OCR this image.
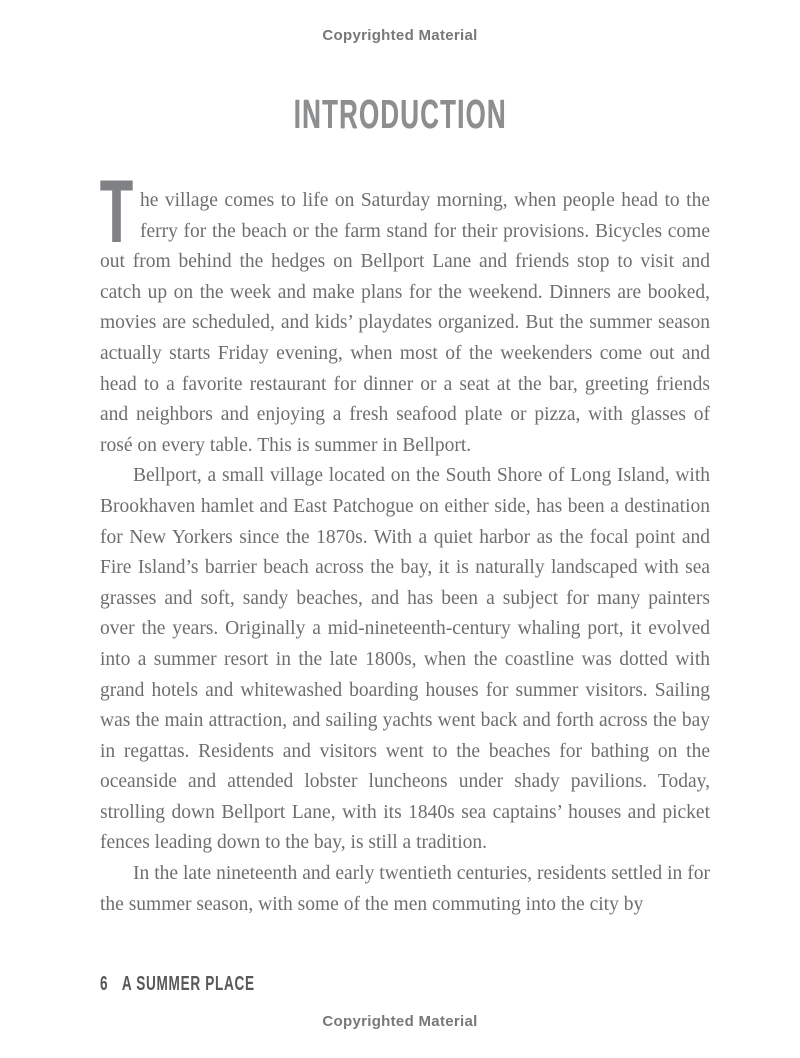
Copyrighted Material
INTRODUCTION

T he village comes to life on Saturday morning, when people head to the ferry for the beach or the farm stand for their provisions. Bicycles come out from behind the hedges on Bellport Lane and friends stop to visit and catch up on the week and make plans for the weekend. Dinners are booked, movies are scheduled, and kids’ playdates organized. But the summer season actually starts Friday evening, when most of the weekenders come out and head to a favorite restaurant for dinner or a seat at the bar, greeting friends and neighbors and enjoying a fresh seafood plate or pizza, with glasses of rosé on every table. This is summer in Bellport.

Bellport, a small village located on the South Shore of Long Island, with Brookhaven hamlet and East Patchogue on either side, has been a destination for New Yorkers since the 1870s. With a quiet harbor as the focal point and Fire Island’s barrier beach across the bay, it is naturally landscaped with sea grasses and soft, sandy beaches, and has been a subject for many painters over the years. Originally a mid-nineteenth-century whaling port, it evolved into a summer resort in the late 1800s, when the coastline was dotted with grand hotels and whitewashed boarding houses for summer visitors. Sailing was the main attraction, and sailing yachts went back and forth across the bay in regattas. Residents and visitors went to the beaches for bathing on the oceanside and attended lobster luncheons under shady pavilions. Today, strolling down Bellport Lane, with its 1840s sea captains’ houses and picket fences leading down to the bay, is still a tradition.

In the late nineteenth and early twentieth centuries, residents settled in for the summer season, with some of the men commuting into the city by

6 A SUMMER PLACE
Copyrighted Material
